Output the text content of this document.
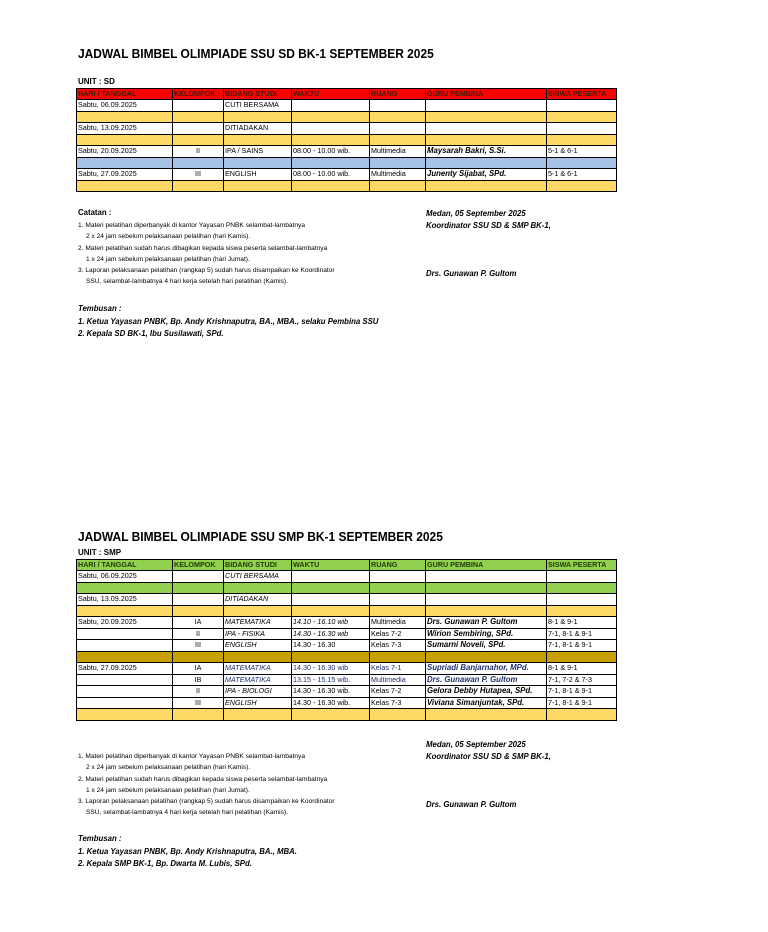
JADWAL BIMBEL OLIMPIADE SSU SD BK-1 SEPTEMBER 2025
UNIT : SD
HARI / TANGGAL	KELOMPOK	BIDANG STUDI	WAKTU	RUANG	GURU PEMBINA	SISWA PESERTA
Sabtu, 06.09.2025		CUTI BERSAMA				

Sabtu, 13.09.2025		DITIADAKAN				

Sabtu, 20.09.2025	II	IPA / SAINS	08.00 - 10.00 wib.	Multimedia	Maysarah Bakri, S.Si.	5-1 & 6-1

Sabtu, 27.09.2025	III	ENGLISH	08.00 - 10.00 wib.	Multimedia	Junenty Sijabat, SPd.	5-1 & 6-1

Catatan :
1. Materi pelatihan diperbanyak di kantor Yayasan PNBK selambat-lambatnya
2 x 24 jam sebelum pelaksanaan pelatihan (hari Kamis).
2. Materi pelatihan sudah harus dibagikan kepada siswa peserta selambat-lambatnya
1 x 24 jam sebelum pelaksanaan pelatihan (hari Jumat).
3. Laporan pelaksanaan pelatihan (rangkap 5) sudah harus disampaikan ke Koordinator
SSU, selambat-lambatnya 4 hari kerja setelah hari pelatihan (Kamis).
Medan, 05 September 2025
Koordinator SSU SD & SMP BK-1,
Drs. Gunawan P. Gultom
Tembusan :
1. Ketua Yayasan PNBK, Bp. Andy Krishnaputra, BA., MBA., selaku Pembina SSU
2. Kepala SD BK-1, Ibu Susilawati, SPd.
JADWAL BIMBEL OLIMPIADE SSU SMP BK-1 SEPTEMBER 2025
UNIT : SMP
HARI / TANGGAL	KELOMPOK	BIDANG STUDI	WAKTU	RUANG	GURU PEMBINA	SISWA PESERTA
Sabtu, 06.09.2025		CUTI BERSAMA				

Sabtu, 13.09.2025		DITIADAKAN				

Sabtu, 20.09.2025	IA	MATEMATIKA	14.10 - 16.10 wib	Multimedia	Drs. Gunawan P. Gultom	8-1 & 9-1
	II	IPA - FISIKA	14.30 - 16.30 wib	Kelas 7-2	Wirion Sembiring, SPd.	7-1, 8-1 & 9-1
	III	ENGLISH	14.30 - 16.30	Kelas 7-3	Sumarni Noveli, SPd.	7-1, 8-1 & 9-1

Sabtu, 27.09.2025	IA	MATEMATIKA	14.30 - 16.30 wib	Kelas 7-1	Supriadi Banjarnahor, MPd.	8-1 & 9-1
	IB	MATEMATIKA	13.15 - 15.15 wib.	Multimedia	Drs. Gunawan P. Gultom	7-1, 7-2 & 7-3
	II	IPA - BIOLOGI	14.30 - 16.30 wib.	Kelas 7-2	Gelora Debby Hutapea, SPd.	7-1, 8-1 & 9-1
	III	ENGLISH	14.30 - 16.30 wib.	Kelas 7-3	Viviana Simanjuntak, SPd.	7-1, 8-1 & 9-1

1. Materi pelatihan diperbanyak di kantor Yayasan PNBK selambat-lambatnya
2 x 24 jam sebelum pelaksanaan pelatihan (hari Kamis).
2. Materi pelatihan sudah harus dibagikan kepada siswa peserta selambat-lambatnya
1 x 24 jam sebelum pelaksanaan pelatihan (hari Jumat).
3. Laporan pelaksanaan pelatihan (rangkap 5) sudah harus disampaikan ke Koordinator
SSU, selambat-lambatnya 4 hari kerja setelah hari pelatihan (Kamis).
Medan, 05 September 2025
Koordinator SSU SD & SMP BK-1,
Drs. Gunawan P. Gultom
Tembusan :
1. Ketua Yayasan PNBK, Bp. Andy Krishnaputra, BA., MBA.
2. Kepala SMP BK-1, Bp. Dwarta M. Lubis, SPd.
